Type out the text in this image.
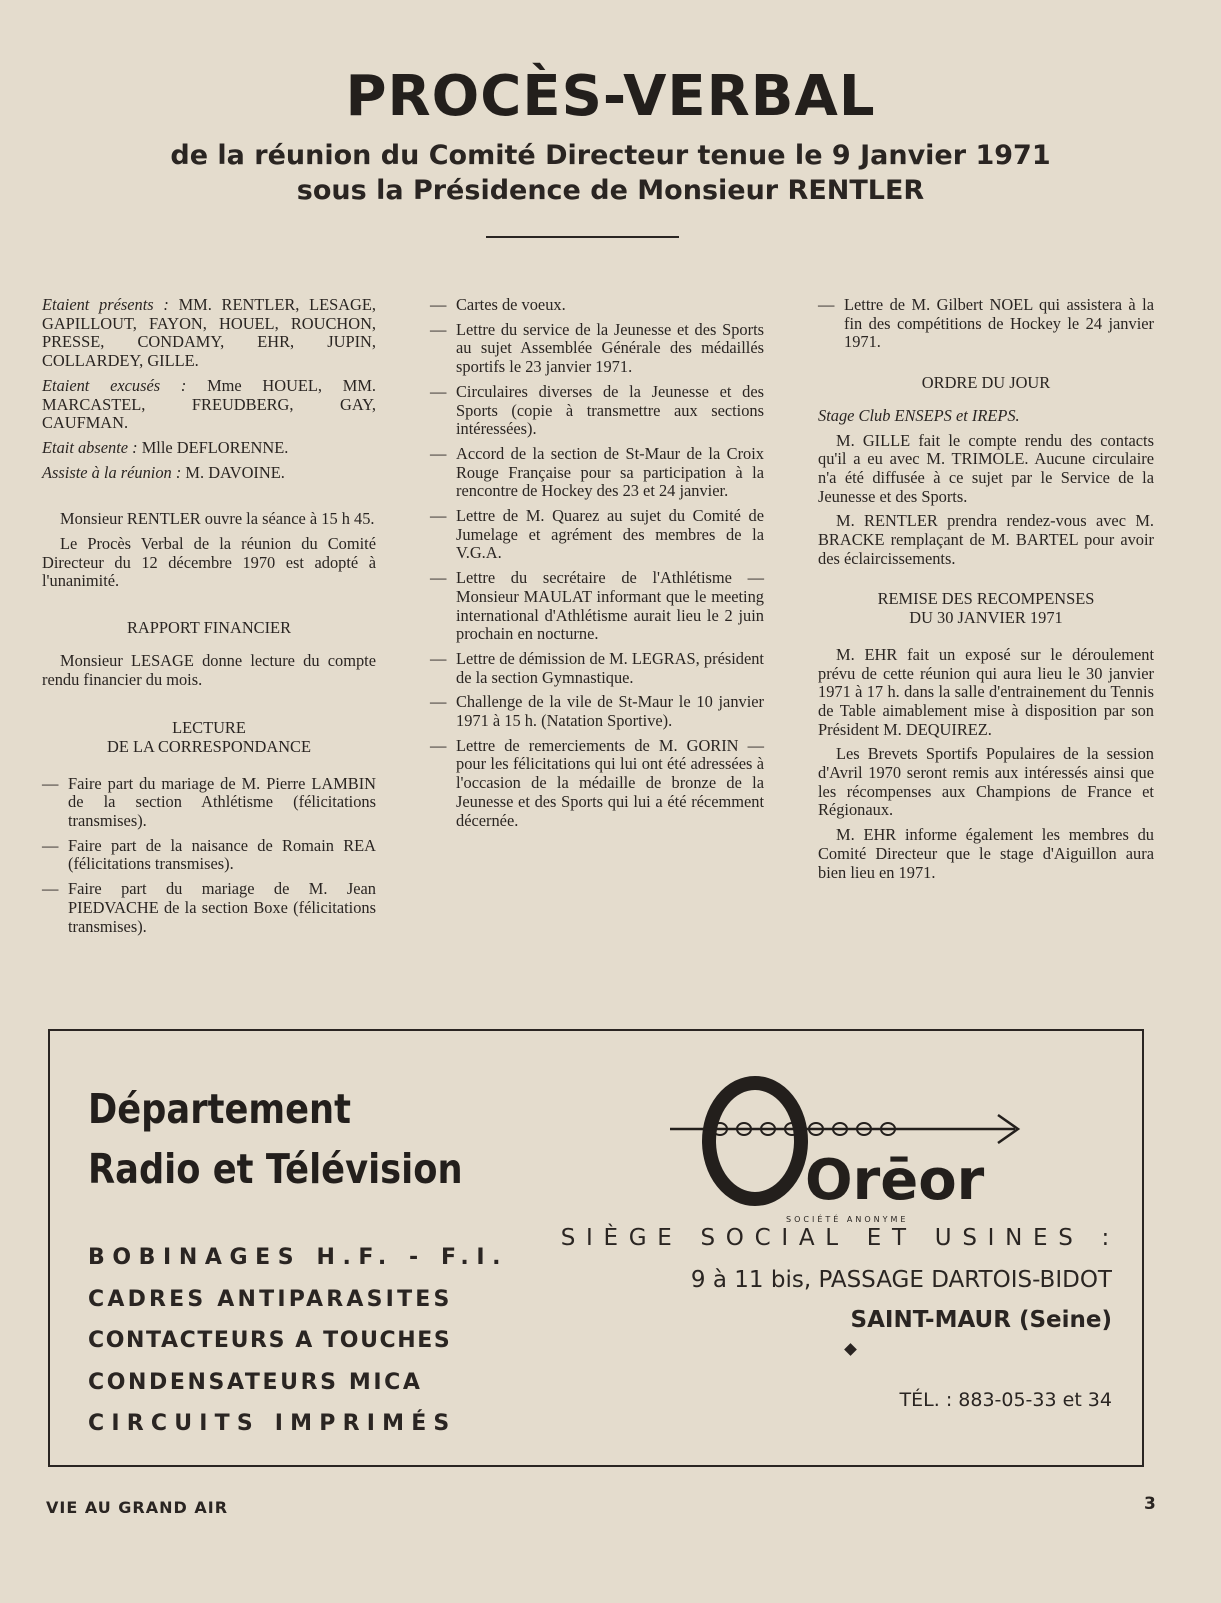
PROCÈS-VERBAL
de la réunion du Comité Directeur tenue le 9 Janvier 1971
sous la Présidence de Monsieur RENTLER

Etaient présents : MM. RENTLER, LESAGE, GAPILLOUT, FAYON, HOUEL, ROUCHON, PRESSE, CONDAMY, EHR, JUPIN, COLLARDEY, GILLE.

Etaient excusés : Mme HOUEL, MM. MARCASTEL, FREUDBERG, GAY, CAUFMAN.

Etait absente : Mlle DEFLORENNE.

Assiste à la réunion : M. DAVOINE.

Monsieur RENTLER ouvre la séance à 15 h 45.

Le Procès Verbal de la réunion du Comité Directeur du 12 décembre 1970 est adopté à l'unanimité.

RAPPORT FINANCIER

Monsieur LESAGE donne lecture du compte rendu financier du mois.

LECTURE
DE LA CORRESPONDANCE

— Faire part du mariage de M. Pierre LAMBIN de la section Athlétisme (félicitations transmises).

— Faire part de la naisance de Romain REA (félicitations transmises).

— Faire part du mariage de M. Jean PIEDVACHE de la section Boxe (félicitations transmises).

— Cartes de voeux.

— Lettre du service de la Jeunesse et des Sports au sujet Assemblée Générale des médaillés sportifs le 23 janvier 1971.

— Circulaires diverses de la Jeunesse et des Sports (copie à transmettre aux sections intéressées).

— Accord de la section de St-Maur de la Croix Rouge Française pour sa participation à la rencontre de Hockey des 23 et 24 janvier.

— Lettre de M. Quarez au sujet du Comité de Jumelage et agrément des membres de la V.G.A.

— Lettre du secrétaire de l'Athlétisme — Monsieur MAULAT informant que le meeting international d'Athlétisme aurait lieu le 2 juin prochain en nocturne.

— Lettre de démission de M. LEGRAS, président de la section Gymnastique.

— Challenge de la vile de St-Maur le 10 janvier 1971 à 15 h. (Natation Sportive).

— Lettre de remerciements de M. GORIN — pour les félicitations qui lui ont été adressées à l'occasion de la médaille de bronze de la Jeunesse et des Sports qui lui a été récemment décernée.

— Lettre de M. Gilbert NOEL qui assistera à la fin des compétitions de Hockey le 24 janvier 1971.

ORDRE DU JOUR

Stage Club ENSEPS et IREPS.

M. GILLE fait le compte rendu des contacts qu'il a eu avec M. TRIMOLE. Aucune circulaire n'a été diffusée à ce sujet par le Service de la Jeunesse et des Sports.

M. RENTLER prendra rendez-vous avec M. BRACKE remplaçant de M. BARTEL pour avoir des éclaircissements.

REMISE DES RECOMPENSES
DU 30 JANVIER 1971

M. EHR fait un exposé sur le déroulement prévu de cette réunion qui aura lieu le 30 janvier 1971 à 17 h. dans la salle d'entrainement du Tennis de Table aimablement mise à disposition par son Président M. DEQUIREZ.

Les Brevets Sportifs Populaires de la session d'Avril 1970 seront remis aux intéressés ainsi que les récompenses aux Champions de France et Régionaux.

M. EHR informe également les membres du Comité Directeur que le stage d'Aiguillon aura bien lieu en 1971.

Département
Radio et Télévision
BOBINAGES H.F. - F.I.
CADRES ANTIPARASITES
CONTACTEURS A TOUCHES
CONDENSATEURS MICA
CIRCUITS IMPRIMÉS
Orēor
SOCIÉTÉ ANONYME
SIÈGE SOCIAL ET USINES :
9 à 11 bis, PASSAGE DARTOIS-BIDOT
SAINT-MAUR (Seine)
TÉL. : 883-05-33 et 34
VIE AU GRAND AIR	3
